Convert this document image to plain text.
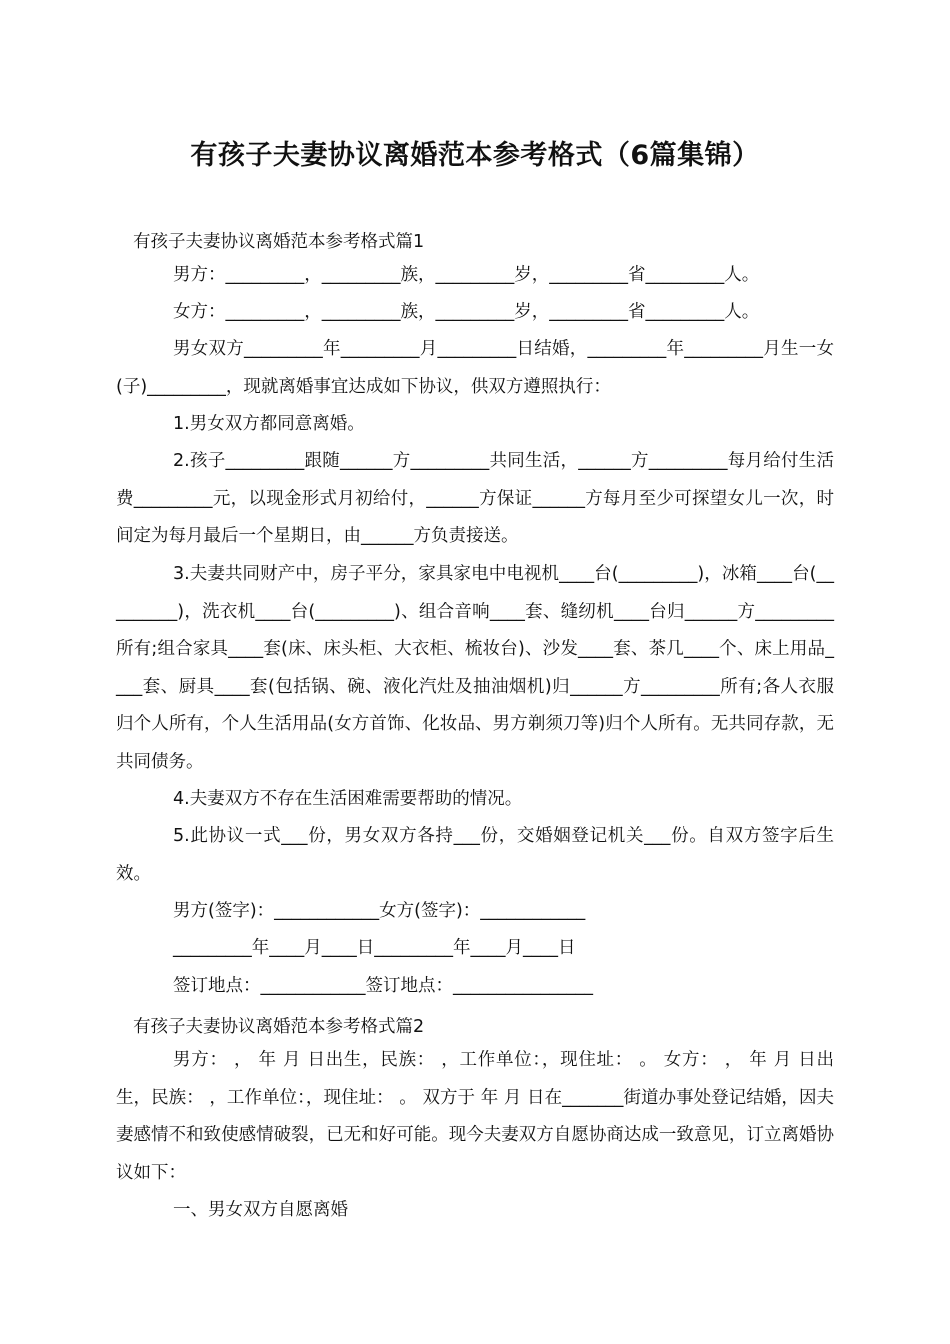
有孩子夫妻协议离婚范本参考格式（6篇集锦）
有孩子夫妻协议离婚范本参考格式篇1
男方：_________，_________族，_________岁，_________省_________人。
女方：_________，_________族，_________岁，_________省_________人。
男女双方_________年_________月_________日结婚，_________年_________月生一女(子)_________，现就离婚事宜达成如下协议，供双方遵照执行：
1.男女双方都同意离婚。
2.孩子_________跟随______方_________共同生活，______方_________每月给付生活费_________元，以现金形式月初给付，______方保证______方每月至少可探望女儿一次，时间定为每月最后一个星期日，由______方负责接送。
3.夫妻共同财产中，房子平分，家具家电中电视机____台(_________)，冰箱____台(_________)，洗衣机____台(_________)、组合音响____套、缝纫机____台归______方_________所有;组合家具____套(床、床头柜、大衣柜、梳妆台)、沙发____套、茶几____个、床上用品____套、厨具____套(包括锅、碗、液化汽灶及抽油烟机)归______方_________所有;各人衣服归个人所有，个人生活用品(女方首饰、化妆品、男方剃须刀等)归个人所有。无共同存款，无共同债务。
4.夫妻双方不存在生活困难需要帮助的情况。
5.此协议一式___份，男女双方各持___份，交婚姻登记机关___份。自双方签字后生效。
男方(签字)：____________女方(签字)：____________
_________年____月____日_________年____月____日
签订地点：____________签订地点：________________
有孩子夫妻协议离婚范本参考格式篇2
男方： ， 年 月 日出生，民族： ，工作单位：，现住址： 。 女方： ， 年 月 日出生，民族： ，工作单位：，现住址： 。 双方于 年 月 日在_______街道办事处登记结婚，因夫妻感情不和致使感情破裂，已无和好可能。现今夫妻双方自愿协商达成一致意见，订立离婚协议如下：
一、男女双方自愿离婚
